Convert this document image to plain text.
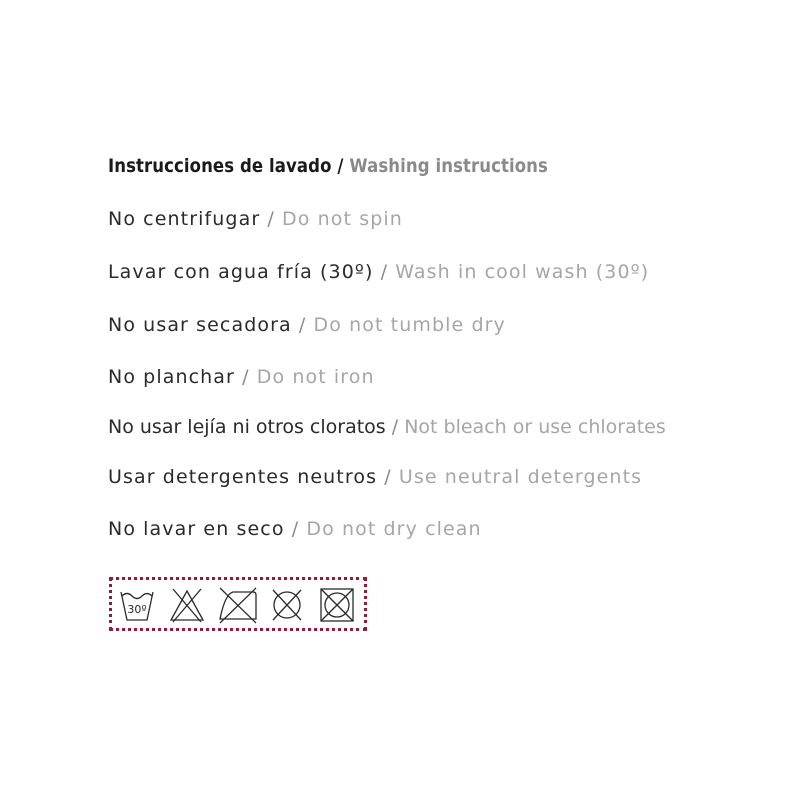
Instrucciones de lavado / Washing instructions

No centrifugar / Do not spin

Lavar con agua fría (30º) / Wash in cool wash (30º)

No usar secadora / Do not tumble dry

No planchar / Do not iron

No usar lejía ni otros cloratos / Not bleach or use chlorates

Usar detergentes neutros / Use neutral detergents

No lavar en seco / Do not dry clean

30º
